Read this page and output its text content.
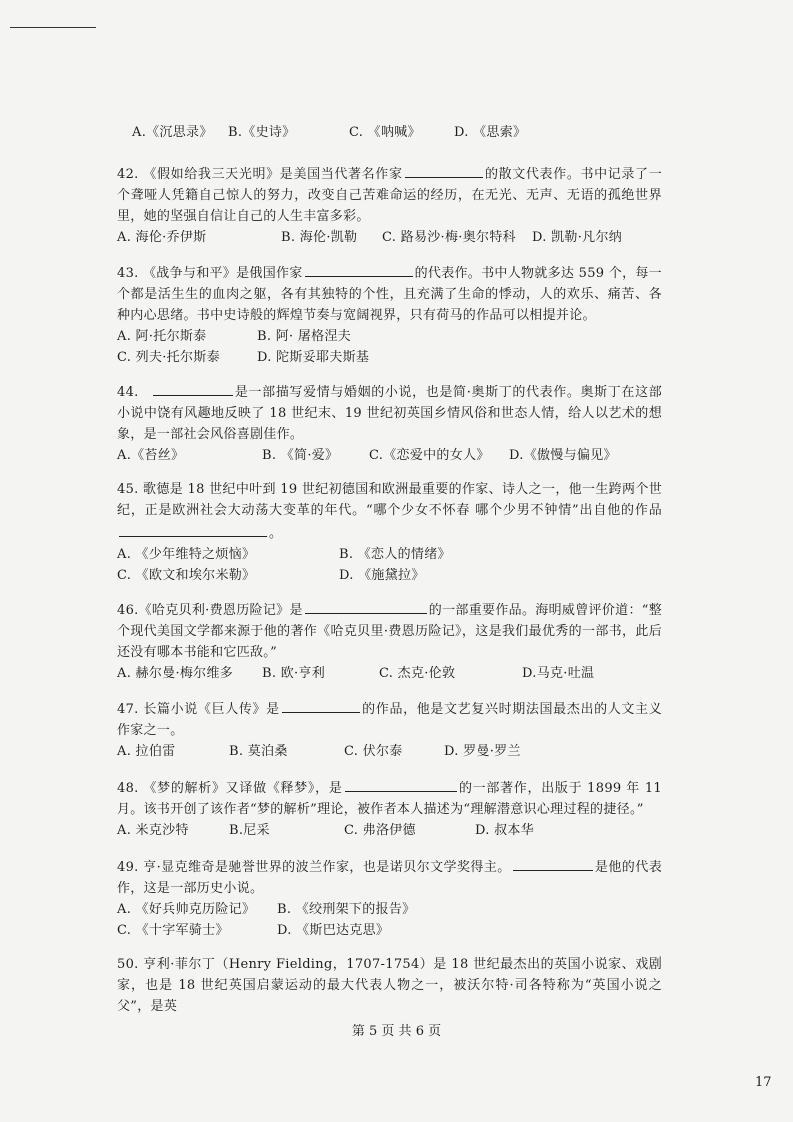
A.《沉思录》 B.《史诗》	C. 《呐喊》	D. 《思索》

42. 《假如给我三天光明》是美国当代著名作家	的散文代表作。书中记录了一个聋哑人凭籍自己惊人的努力，改变自己苦难命运的经历，在无光、无声、无语的孤绝世界里，她的坚强自信让自己的人生丰富多彩。

A. 海伦·乔伊斯	B. 海伦·凯勒 C. 路易沙·梅·奥尔特科 D. 凯勒·凡尔纳

43. 《战争与和平》是俄国作家	的代表作。书中人物就多达 559 个，每一个都是活生生的血肉之躯，各有其独特的个性，且充满了生命的悸动，人的欢乐、痛苦、各种内心思绪。书中史诗般的辉煌节奏与宽阔视界，只有荷马的作品可以相提并论。

A. 阿·托尔斯泰	B. 阿· 屠格涅夫
C. 列夫·托尔斯泰	D. 陀斯妥耶夫斯基

44.	是一部描写爱情与婚姻的小说，也是简·奥斯丁的代表作。奥斯丁在这部小说中饶有风趣地反映了 18 世纪末、19 世纪初英国乡情风俗和世态人情，给人以艺术的想象，是一部社会风俗喜剧佳作。

A.《苔丝》	B. 《简·爱》 C.《恋爱中的女人》 D.《傲慢与偏见》

45. 歌德是 18 世纪中叶到 19 世纪初德国和欧洲最重要的作家、诗人之一，他一生跨两个世纪，正是欧洲社会大动荡大变革的年代。“哪个少女不怀春 哪个少男不钟情”出自他的作品。

A. 《少年维特之烦恼》	B. 《恋人的情绪》
C. 《欧文和埃尔米勒》	D. 《施黛拉》

46.《哈克贝利·费恩历险记》是	的一部重要作品。海明威曾评价道：“整个现代美国文学都来源于他的著作《哈克贝里·费恩历险记》，这是我们最优秀的一部书，此后还没有哪本书能和它匹敌。”

A. 赫尔曼·梅尔维多 B. 欧·亨利	C. 杰克·伦敦	D.马克·吐温

47. 长篇小说《巨人传》是	的作品，他是文艺复兴时期法国最杰出的人文主义作家之一。

A. 拉伯雷	B. 莫泊桑	C. 伏尔泰	D. 罗曼·罗兰

48. 《梦的解析》又译做《释梦》，是	的一部著作，出版于 1899 年 11 月。该书开创了该作者“梦的解析”理论，被作者本人描述为“理解潜意识心理过程的捷径。”

A. 米克沙特	B.尼采	C. 弗洛伊德	D. 叔本华

49. 亨·显克维奇是驰誉世界的波兰作家，也是诺贝尔文学奖得主。	是他的代表作，这是一部历史小说。

A. 《好兵帅克历险记》 B. 《绞刑架下的报告》
C. 《十字军骑士》	D. 《斯巴达克思》

50. 亨利·菲尔丁（Henry Fielding，1707-1754）是 18 世纪最杰出的英国小说家、戏剧家，也是 18 世纪英国启蒙运动的最大代表人物之一，被沃尔特·司各特称为“英国小说之父”，是英

第 5 页 共 6 页
17
